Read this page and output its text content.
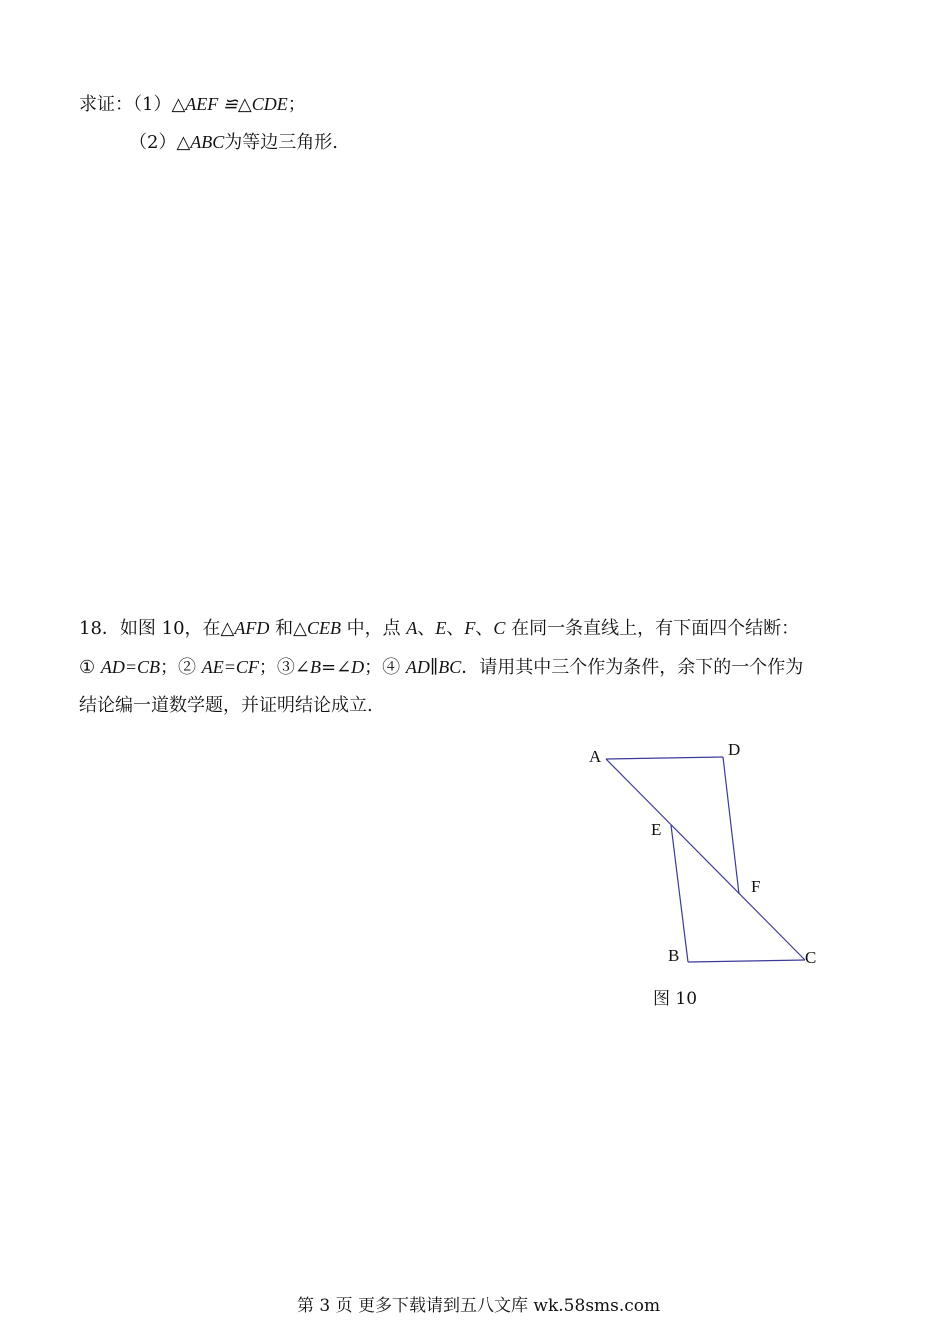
求证：（1）△AEF ≌△CDE；
（2）△ABC为等边三角形.
18．如图 10，在△AFD 和△CEB 中，点 A、E、F、C 在同一条直线上，有下面四个结断：
① AD=CB；② AE=CF；③∠B=∠D；④ AD∥BC．请用其中三个作为条件，余下的一个作为
结论编一道数学题，并证明结论成立.
A	D
E
F
B	C
图 10
第 3 页 更多下载请到五八文库 wk.58sms.com
